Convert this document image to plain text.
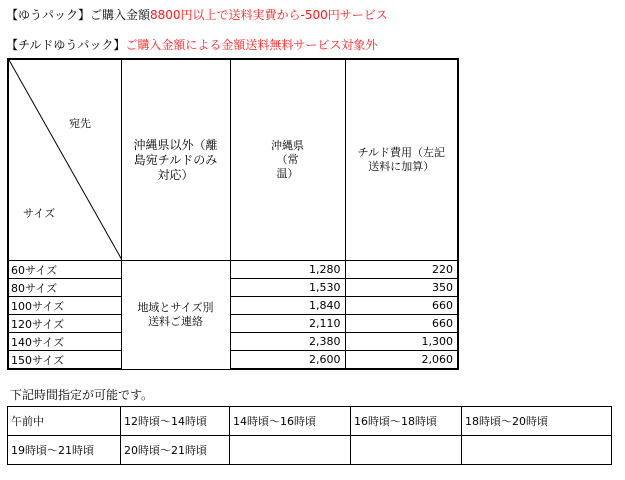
【ゆうパック】ご購入金額8800円以上で送料実費から-500円サービス
【チルドゆうパック】ご購入金額による金額送料無料サービス対象外
宛先
サイズ	沖縄県以外（離島宛チルドのみ対応）	沖縄県（常温）	チルド費用（左記送料に加算）

60サイズ	地域とサイズ別送料ご連絡	1,280	220
80サイズ		1,530	350
100サイズ		1,840	660
120サイズ		2,110	660
140サイズ		2,380	1,300
150サイズ		2,600	2,060
下記時間指定が可能です。
午前中	12時頃～14時頃	14時頃～16時頃	16時頃～18時頃	18時頃～20時頃
19時頃～21時頃	20時頃～21時頃			
